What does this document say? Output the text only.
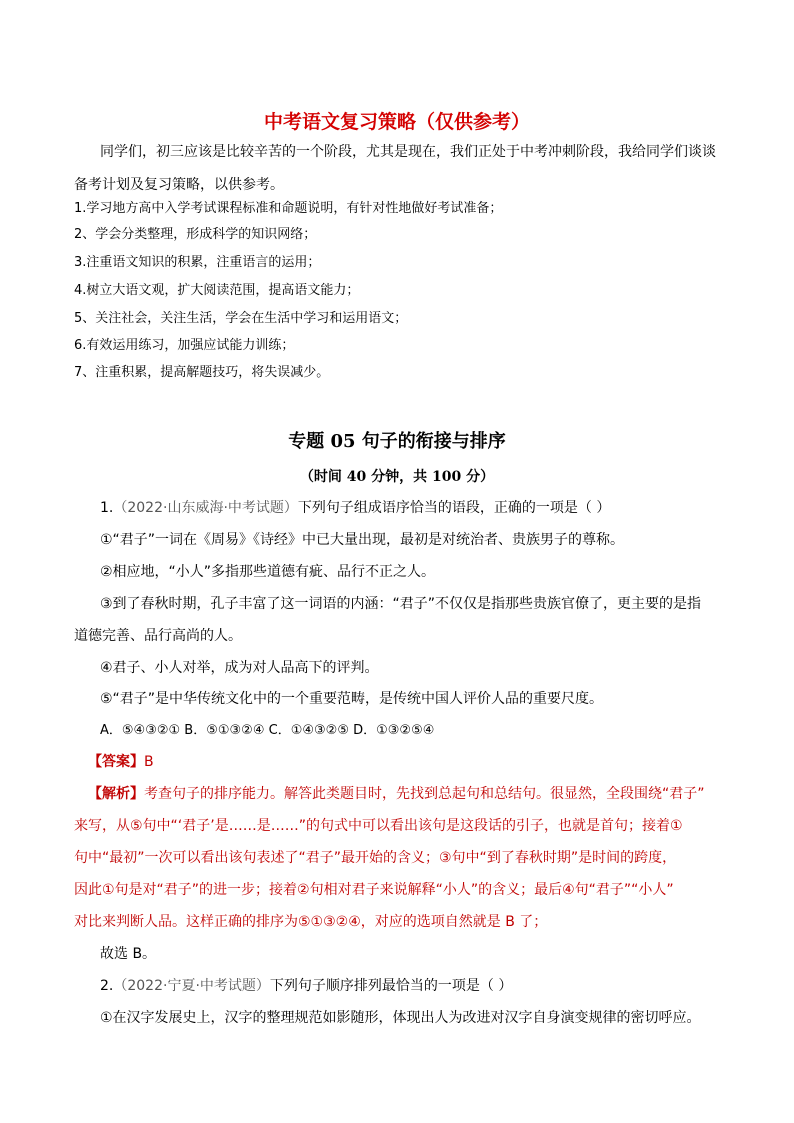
中考语文复习策略（仅供参考）
同学们，初三应该是比较辛苦的一个阶段，尤其是现在，我们正处于中考冲刺阶段，我给同学们谈谈
备考计划及复习策略，以供参考。
1.学习地方高中入学考试课程标准和命题说明，有针对性地做好考试准备；
2、学会分类整理，形成科学的知识网络；
3.注重语文知识的积累，注重语言的运用；
4.树立大语文观，扩大阅读范围，提高语文能力；
5、关注社会，关注生活，学会在生活中学习和运用语文；
6.有效运用练习，加强应试能力训练；
7、注重积累，提高解题技巧，将失误减少。
专题 05 句子的衔接与排序
（时间 40 分钟，共 100 分）
1.（2022·山东威海·中考试题）下列句子组成语序恰当的语段，正确的一项是（ ）
①“君子”一词在《周易》《诗经》中已大量出现，最初是对统治者、贵族男子的尊称。
②相应地，“小人”多指那些道德有疵、品行不正之人。
③到了春秋时期，孔子丰富了这一词语的内涵：“君子”不仅仅是指那些贵族官僚了，更主要的是指
道德完善、品行高尚的人。
④君子、小人对举，成为对人品高下的评判。
⑤“君子”是中华传统文化中的一个重要范畴，是传统中国人评价人品的重要尺度。
A．⑤④③②① B．⑤①③②④ C．①④③②⑤ D．①③②⑤④
【答案】B
【解析】考查句子的排序能力。解答此类题目时，先找到总起句和总结句。很显然，全段围绕“君子”
来写，从⑤句中“‘君子’是……是……”的句式中可以看出该句是这段话的引子，也就是首句；接着①
句中“最初”一次可以看出该句表述了“君子”最开始的含义；③句中“到了春秋时期”是时间的跨度，
因此①句是对“君子”的进一步；接着②句相对君子来说解释“小人”的含义；最后④句“君子”“小人”
对比来判断人品。这样正确的排序为⑤①③②④，对应的选项自然就是 B 了；
故选 B。
2.（2022·宁夏·中考试题）下列句子顺序排列最恰当的一项是（ ）
①在汉字发展史上，汉字的整理规范如影随形，体现出人为改进对汉字自身演变规律的密切呼应。
